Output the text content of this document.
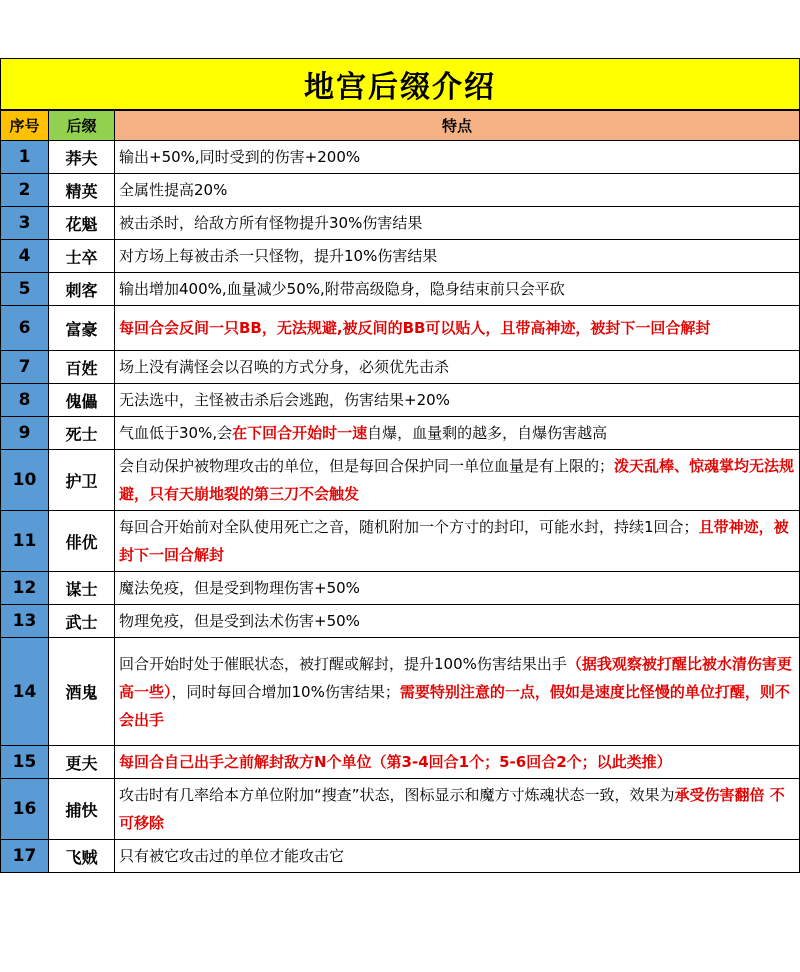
地宫后缀介绍
序号	后缀	特点
1	莽夫	输出+50%,同时受到的伤害+200%
2	精英	全属性提高20%
3	花魁	被击杀时，给敌方所有怪物提升30%伤害结果
4	士卒	对方场上每被击杀一只怪物，提升10%伤害结果
5	刺客	输出增加400%,血量减少50%,附带高级隐身，隐身结束前只会平砍
6	富豪	每回合会反间一只BB，无法规避,被反间的BB可以贴人，且带高神迹，被封下一回合解封
7	百姓	场上没有满怪会以召唤的方式分身，必须优先击杀
8	傀儡	无法选中，主怪被击杀后会逃跑，伤害结果+20%
9	死士	气血低于30%,会在下回合开始时一速自爆，血量剩的越多，自爆伤害越高
10	护卫	会自动保护被物理攻击的单位，但是每回合保护同一单位血量是有上限的；泼天乱棒、惊魂掌均无法规避，只有天崩地裂的第三刀不会触发
11	俳优	每回合开始前对全队使用死亡之音，随机附加一个方寸的封印，可能水封，持续1回合；且带神迹，被封下一回合解封
12	谋士	魔法免疫，但是受到物理伤害+50%
13	武士	物理免疫，但是受到法术伤害+50%
14	酒鬼	回合开始时处于催眠状态，被打醒或解封，提升100%伤害结果出手（据我观察被打醒比被水清伤害更高一些），同时每回合增加10%伤害结果；需要特别注意的一点，假如是速度比怪慢的单位打醒，则不会出手
15	更夫	每回合自己出手之前解封敌方N个单位（第3-4回合1个；5-6回合2个；以此类推）
16	捕快	攻击时有几率给本方单位附加“搜查”状态，图标显示和魔方寸炼魂状态一致，效果为承受伤害翻倍 不可移除
17	飞贼	只有被它攻击过的单位才能攻击它
